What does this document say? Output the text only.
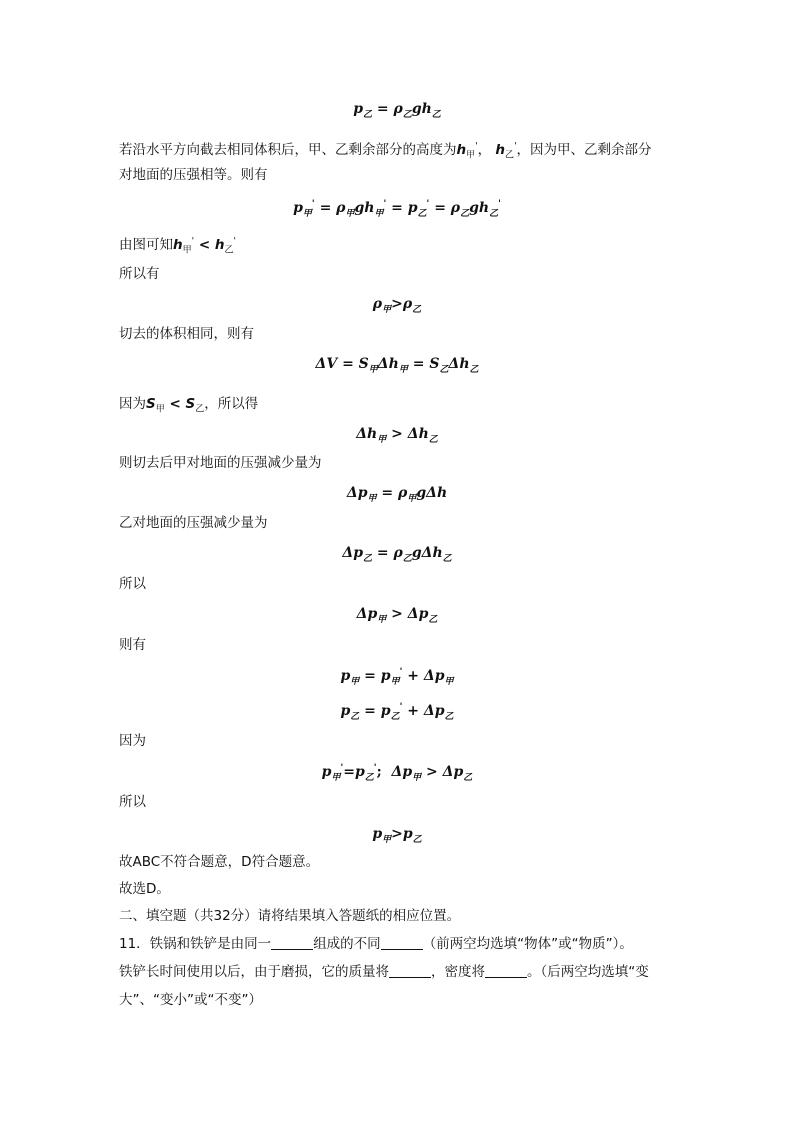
$p_乙 = \rho_乙gh_乙$
若沿水平方向截去相同体积后，甲、乙剩余部分的高度为$h_甲'$， $h_乙'$，因为甲、乙剩余部分
对地面的压强相等。则有
$p_甲' = \rho_甲gh_甲' = p_乙' = \rho_乙gh_乙'$
由图可知$h_甲' < h_乙'$
所以有
$\rho_甲>\rho_乙$
切去的体积相同，则有
$\Delta V = S_甲\Delta h_甲 = S_乙\Delta h_乙$
因为$S_甲 < S_乙$，所以得
$\Delta h_甲 > \Delta h_乙$
则切去后甲对地面的压强减少量为
$\Delta p_甲 = \rho_甲g\Delta h$
乙对地面的压强减少量为
$\Delta p_乙 = \rho_乙g\Delta h_乙$
所以
$\Delta p_甲 > \Delta p_乙$
则有
$p_甲 = p_甲' + \Delta p_甲$
$p_乙 = p_乙' + \Delta p_乙$
因为
$p_甲'=p_乙'$;  $\Delta p_甲 > \Delta p_乙$
所以
$p_甲>p_乙$
故ABC不符合题意，D符合题意。
故选D。
二、填空题（共32分）请将结果填入答题纸的相应位置。
11．铁锅和铁铲是由同一	组成的不同	（前两空均选填“物体”或“物质”）。
铁铲长时间使用以后，由于磨损，它的质量将	，密度将	。（后两空均选填“变
大”、“变小”或“不变”）
